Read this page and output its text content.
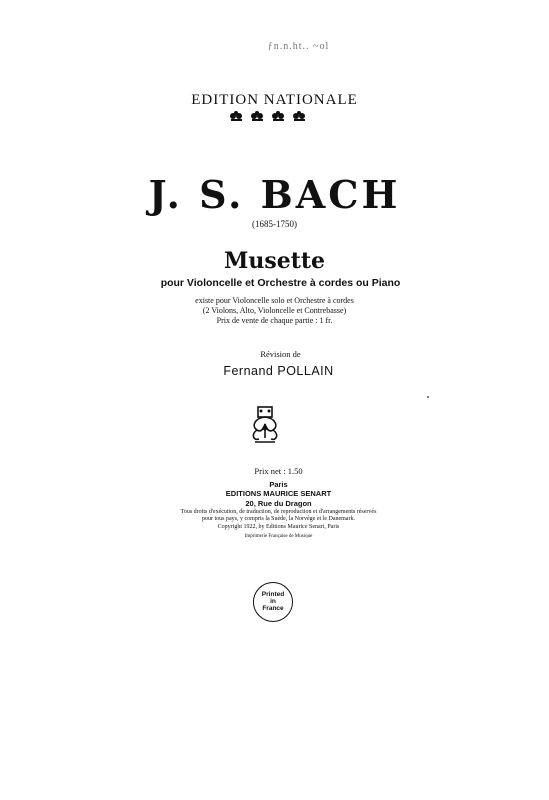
ƒn.n.ht.. ~ol
EDITION NATIONALE
J. S. BACH
(1685-1750)
Musette
pour Violoncelle et Orchestre à cordes ou Piano
existe pour Violoncelle solo et Orchestre à cordes
(2 Violons, Alto, Violoncelle et Contrebasse)
Prix de vente de chaque partie : 1 fr.
Révision de
Fernand POLLAIN
Prix net : 1.50
Paris
EDITIONS MAURICE SENART
20, Rue du Dragon
Tous droits d'exécution, de traduction, de reproduction et d'arrangements réservés
pour tous pays, y compris la Suède, la Norvège et le Danemark.
Copyright 1922, by Editions Maurice Senart, Paris
Imprimerie Française de Musique
Printed
in
France
